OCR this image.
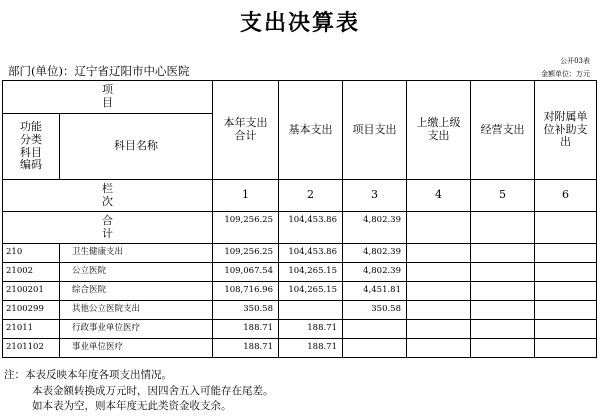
支出决算表
公开03表
部门(单位)：辽宁省辽阳市中心医院	金额单位：万元
项目		本年支出合计	基本支出	项目支出	上缴上级支出	经营支出	对附属单位补助支出

功能分类科目编码	科目名称						

栏次		1	2	3	4	5	6

合计		109,256.25	104,453.86	4,802.39			
210	卫生健康支出	109,256.25	104,453.86	4,802.39			
21002	公立医院	109,067.54	104,265.15	4,802.39			
2100201	综合医院	108,716.96	104,265.15	4,451.81			
2100299	其他公立医院支出	350.58		350.58			
21011	行政事业单位医疗	188.71	188.71				
2101102	事业单位医疗	188.71	188.71				
注：本表反映本年度各项支出情况。
本表金额转换成万元时，因四舍五入可能存在尾差。
如本表为空，则本年度无此类资金收支余。
